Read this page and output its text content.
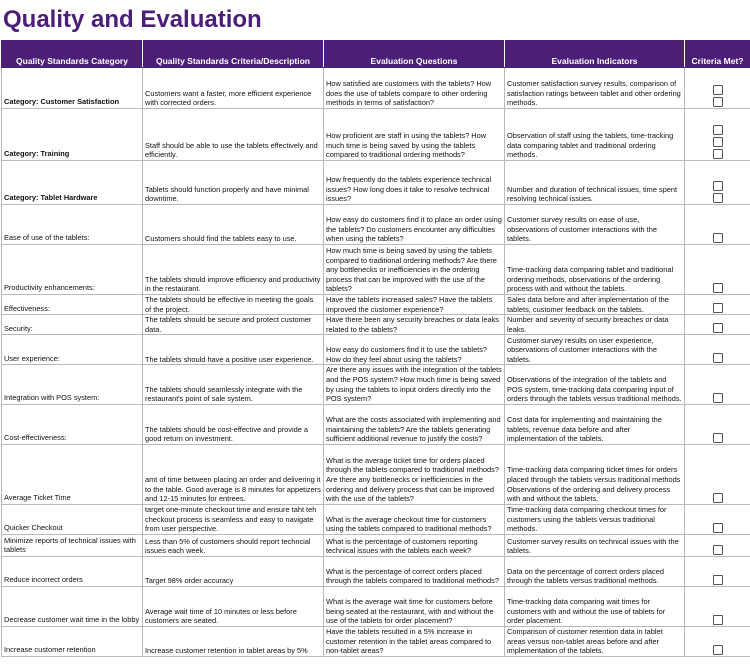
Quality and Evaluation
Quality Standards Category	Quality Standards Criteria/Description	Evaluation Questions	Evaluation Indicators	Criteria Met?
Category: Customer Satisfaction	Customers want a faster, more efficient experience with corrected orders.	How satisfied are customers with the tablets? How does the use of tablets compare to other ordering methods in terms of satisfaction?	Customer satisfaction survey results, comparison of satisfaction ratings between tablet and other ordering methods.	

Category: Training	Staff should be able to use the tablets effectively and efficiently.	How proficient are staff in using the tablets? How much time is being saved by using the tablets compared to traditional ordering methods?	Observation of staff using the tablets, time-tracking data comparing tablet and traditional ordering methods.	

Category: Tablet Hardware	Tablets should function properly and have minimal downtime.	How frequently do the tablets experience technical issues? How long does it take to resolve technical issues?	Number and duration of technical issues, time spent resolving technical issues.	

Ease of use of the tablets:	Customers should find the tablets easy to use.	How easy do customers find it to place an order using the tablets? Do customers encounter any difficulties when using the tablets?	Customer survey results on ease of use, observations of customer interactions with the tablets.	

Productivity enhancements:	The tablets should improve efficiency and productivity in the restaurant.	How much time is being saved by using the tablets compared to traditional ordering methods? Are there any bottlenecks or inefficiencies in the ordering process that can be improved with the use of the tablets?	Time-tracking data comparing tablet and traditional ordering methods, observations of the ordering process with and without the tablets.	

Effectiveness:	The tablets should be effective in meeting the goals of the project.	Have the tablets increased sales? Have the tablets improved the customer experience?	Sales data before and after implementation of the tablets, customer feedback on the tablets.	

Security:	The tablets should be secure and protect customer data.	Have there been any security breaches or data leaks related to the tablets?	Number and severity of security breaches or data leaks.	

User experience:	The tablets should have a positive user experience.	How easy do customers find it to use the tablets? How do they feel about using the tablets?	Customer survey results on user experience, observations of customer interactions with the tablets.	

Integration with POS system:	The tablets should seamlessly integrate with the restaurant's point of sale system.	Are there any issues with the integration of the tablets and the POS system? How much time is being saved by using the tablets to input orders directly into the POS system?	Observations of the integration of the tablets and POS system, time-tracking data comparing input of orders through the tablets versus traditional methods.	

Cost-effectiveness:	The tablets should be cost-effective and provide a good return on investment.	What are the costs associated with implementing and maintaining the tablets? Are the tablets generating sufficient additional revenue to justify the costs?	Cost data for implementing and maintaining the tablets, revenue data before and after implementation of the tablets.	

Average Ticket Time	amt of time between placing an order and delivering it to the table. Good average is 8 minutes for appetizers and 12-15 minutes for entrees.	What is the average ticket time for orders placed through the tablets compared to traditional methods? Are there any bottlenecks or inefficiencies in the ordering and delivery process that can be improved with the use of the tablets?	Time-tracking data comparing ticket times for orders placed through the tablets versus traditional methods Observations of the ordering and delivery process with and without the tablets.	

Quicker Checkout	target one-minute checkout time and ensure taht teh checkout process is seamless and easy to navigate from user perspective.	What is the average checkout time for customers using the tablets compared to traditional methods?	Time-tracking data comparing checkout times for customers using the tablets versus traditional methods.	

Minimize reports of technical issues with tablets	Less than 5% of customers should report techncial issues each week.	What is the percentage of customers reporting technical issues with the tablets each week?	Customer survey results on technical issues with the tablets.	

Reduce incorrect orders	Target 98% order accuracy	What is the percentage of correct orders placed through the tablets compared to traditional methods?	Data on the percentage of correct orders placed through the tablets versus traditional methods.	

Decrease customer wait time in the lobby	Average wait time of 10 minutes or less before customers are seated.	What is the average wait time for customers before being seated at the restaurant, with and without the use of the tablets for order placement?	Time-tracking data comparing wait times for customers with and without the use of tablets for order placement.	

Increase customer retention	Increase customer retention in tablet areas by 5%	Have the tablets resulted in a 5% increase in customer retention in the tablet areas compared to non-tablet areas?	Comparison of customer retention data in tablet areas versus non-tablet areas before and after implementation of the tablets.	
